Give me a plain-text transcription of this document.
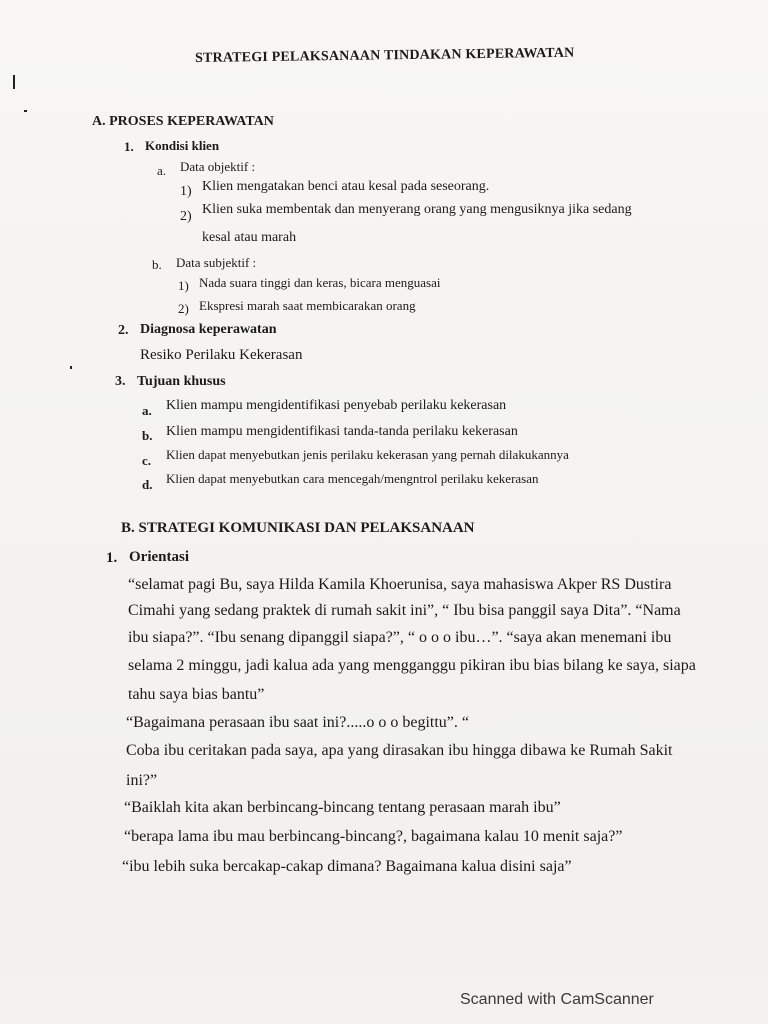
STRATEGI PELAKSANAAN TINDAKAN KEPERAWATAN
A. PROSES KEPERAWATAN
1. Kondisi klien
a. Data objektif :
1) Klien mengatakan benci atau kesal pada seseorang.
2) Klien suka membentak dan menyerang orang yang mengusiknya jika sedang
kesal atau marah
b. Data subjektif :
1) Nada suara tinggi dan keras, bicara menguasai
2) Ekspresi marah saat membicarakan orang
2. Diagnosa keperawatan
Resiko Perilaku Kekerasan
3. Tujuan khusus
a. Klien mampu mengidentifikasi penyebab perilaku kekerasan
b. Klien mampu mengidentifikasi tanda-tanda perilaku kekerasan
c. Klien dapat menyebutkan jenis perilaku kekerasan yang pernah dilakukannya
d. Klien dapat menyebutkan cara mencegah/mengntrol perilaku kekerasan
B. STRATEGI KOMUNIKASI DAN PELAKSANAAN
1. Orientasi
“selamat pagi Bu, saya Hilda Kamila Khoerunisa, saya mahasiswa Akper RS Dustira
Cimahi yang sedang praktek di rumah sakit ini”, “ Ibu bisa panggil saya Dita”. “Nama
ibu siapa?”. “Ibu senang dipanggil siapa?”, “ o o o ibu…”. “saya akan menemani ibu
selama 2 minggu, jadi kalua ada yang mengganggu pikiran ibu bias bilang ke saya, siapa
tahu saya bias bantu”
“Bagaimana perasaan ibu saat ini?.....o o o begittu”. “
Coba ibu ceritakan pada saya, apa yang dirasakan ibu hingga dibawa ke Rumah Sakit
ini?”
“Baiklah kita akan berbincang-bincang tentang perasaan marah ibu”
“berapa lama ibu mau berbincang-bincang?, bagaimana kalau 10 menit saja?”
“ibu lebih suka bercakap-cakap dimana? Bagaimana kalua disini saja”
Scanned with CamScanner
